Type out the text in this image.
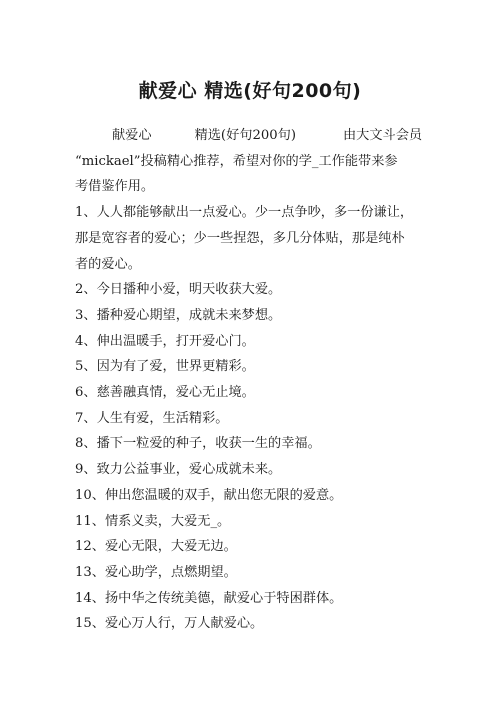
献爱心 精选(好句200句)
献爱心	精选(好句200句)	由大文斗会员
“mickael”投稿精心推荐，希望对你的学_工作能带来参
考借鉴作用。
1、人人都能够献出一点爱心。少一点争吵，多一份谦让，
那是宽容者的爱心；少一些捏怨，多几分体贴，那是纯朴
者的爱心。
2、今日播种小爱，明天收获大爱。
3、播种爱心期望，成就未来梦想。
4、伸出温暖手，打开爱心门。
5、因为有了爱，世界更精彩。
6、慈善融真情，爱心无止境。
7、人生有爱，生活精彩。
8、播下一粒爱的种子，收获一生的幸福。
9、致力公益事业，爱心成就未来。
10、伸出您温暖的双手，献出您无限的爱意。
11、情系义卖，大爱无_。
12、爱心无限，大爱无边。
13、爱心助学，点燃期望。
14、扬中华之传统美德，献爱心于特困群体。
15、爱心万人行，万人献爱心。
